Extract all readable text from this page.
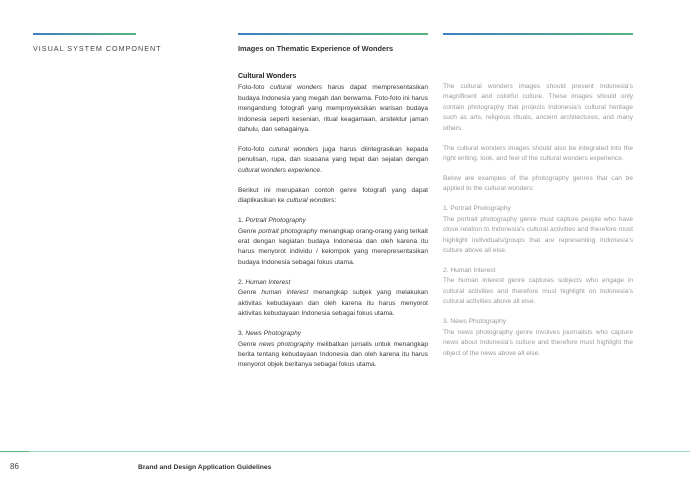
VISUAL SYSTEM COMPONENT	Images on Thematic Experience of Wonders
Cultural Wonders

Foto-foto cultural wonders harus dapat mempresentasikan budaya Indonesia yang megah dan berwarna. Foto-foto ini harus mengandung fotografi yang memproyeksikan warisan budaya Indonesia seperti kesenian, ritual keagamaan, arsitektur jaman dahulu, dan sebagainya.

Foto-foto cutural wonders juga harus diintegrasikan kepada penulisan, rupa, dan suasana yang tepat dan sejalan dengan cultural wonders experience.

Berikut ini merupakan contoh genre fotografi yang dapat diaplikasikan ke cultural wonders:

1. Portrait Photography

Genre portrait photography menangkap orang-orang yang terkait erat dengan kegiatan budaya Indonesia dan oleh karena itu harus menyorot individu / kelompok yang merepresentasikan budaya Indonesia sebagai fokus utama.

2. Human Interest

Genre human interest menangkap subjek yang melakukan aktivitas kebudayaan dan oleh karena itu harus menyorot aktivitas kebudayaan Indonesia sebagai fokus utama.

3. News Photography

Genre news photography melibatkan jurnalis untuk menangkap berita tentang kebudayaan Indonesia dan oleh karena itu harus menyorot objek beritanya sebagai fokus utama.

The cultural wonders images should present Indonesia's magnificent and colorful culture. These images should only contain photography that projects Indonesia's cultural heritage such as arts, religious rituals, ancient architectures, and many others.

The cultural wonders images should also be integrated into the right writing, look, and feel of the cultural wonders experience.

Below are examples of the photography genres that can be applied to the cultural wonders:

1. Portrait Photography

The portrait photography genre must capture people who have close relation to Indonesia's cultural activities and therefore must highlight individuals/groups that are representing Indonesia's culture above all else.

2. Human Interest

The human interest genre captures subjects who engage in cultural activities and therefore must highlight on Indonesia's cultural activities above all else.

3. News Photography

The news photography genre involves journalists who capture news about Indonesia's culture and therefore must highlight the object of the news above all else.

86	Brand and Design Application Guidelines
